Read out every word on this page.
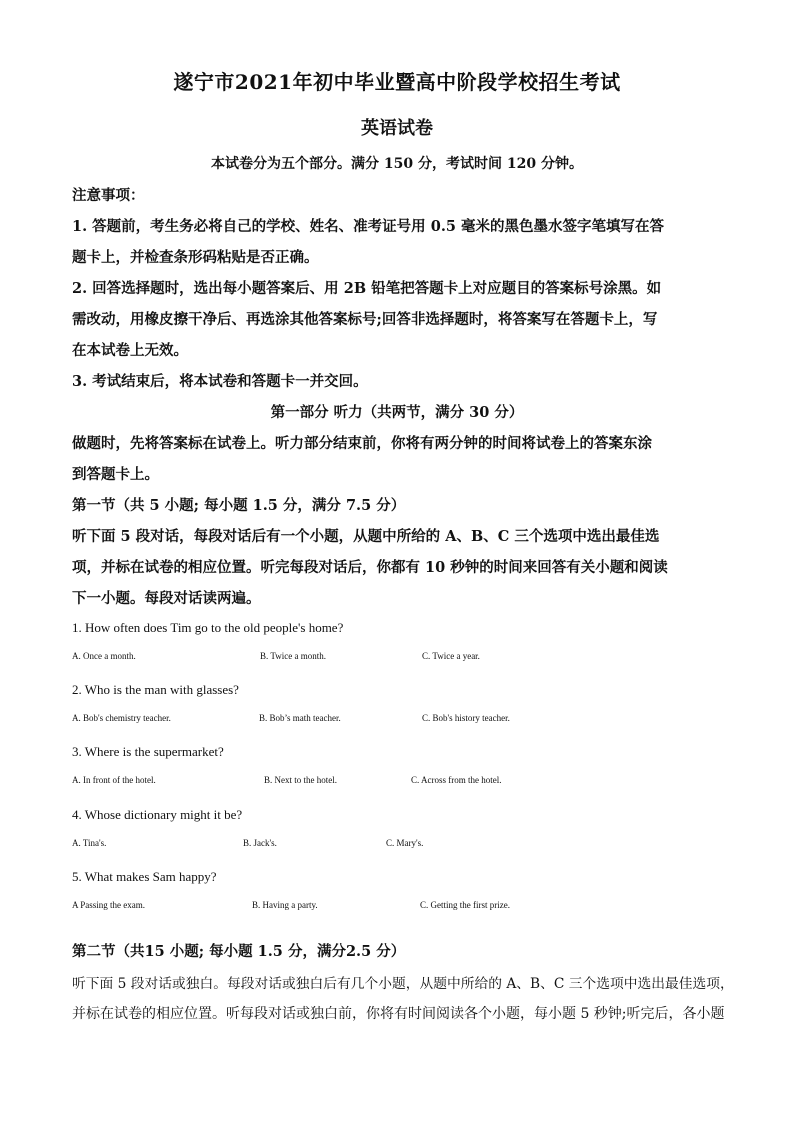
遂宁市2021年初中毕业暨高中阶段学校招生考试
英语试卷
本试卷分为五个部分。满分 150 分，考试时间 120 分钟。
注意事项：
1. 答题前，考生务必将自己的学校、姓名、准考证号用 0.5 毫米的黑色墨水签字笔填写在答
题卡上，并检查条形码粘贴是否正确。
2. 回答选择题时，选出每小题答案后、用 2B 铅笔把答题卡上对应题目的答案标号涂黑。如
需改动，用橡皮擦干净后、再选涂其他答案标号;回答非选择题时，将答案写在答题卡上，写
在本试卷上无效。
3. 考试结束后，将本试卷和答题卡一并交回。
第一部分 听力（共两节，满分 30 分）
做题时，先将答案标在试卷上。听力部分结束前，你将有两分钟的时间将试卷上的答案东涂
到答题卡上。
第一节（共 5 小题; 每小题 1.5 分，满分 7.5 分）
听下面 5 段对话，每段对话后有一个小题，从题中所给的 A、B、C 三个选项中选出最佳选
项，并标在试卷的相应位置。听完每段对话后，你都有 10 秒钟的时间来回答有关小题和阅读
下一小题。每段对话读两遍。
1. How often does Tim go to the old people's home?
A. Once a month.	B. Twice a month.	C. Twice a year.
2. Who is the man with glasses?
A. Bob's chemistry teacher.	B. Bob’s math teacher.	C. Bob's history teacher.
3. Where is the supermarket?
A. In front of the hotel.	B. Next to the hotel.	C. Across from the hotel.
4. Whose dictionary might it be?
A. Tina's.	B. Jack's.	C. Mary's.
5. What makes Sam happy?
A Passing the exam.	B. Having a party.	C. Getting the first prize.
第二节（共15 小题; 每小题 1.5 分，满分2.5 分）
听下面 5 段对话或独白。每段对话或独白后有几个小题，从题中所给的 A、B、C 三个选项中选出最佳选项，
并标在试卷的相应位置。听每段对话或独白前，你将有时间阅读各个小题，每小题 5 秒钟;听完后，各小题
